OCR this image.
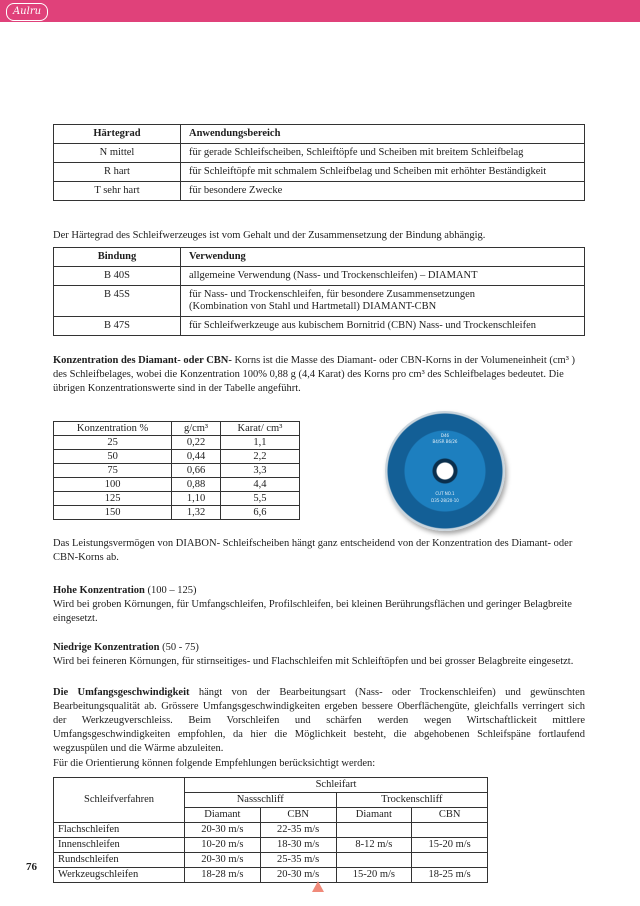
Aulru
Härtegrad	Anwendungsbereich
N mittel	für gerade Schleifscheiben, Schleiftöpfe und Scheiben mit breitem Schleifbelag
R hart	für Schleiftöpfe mit schmalem Schleifbelag und Scheiben mit erhöhter Beständigkeit
T sehr hart	für besondere Zwecke

Der Härtegrad des Schleifwerzeuges ist vom Gehalt und der Zusammensetzung der Bindung abhängig.

Bindung	Verwendung
B 40S	allgemeine Verwendung (Nass- und Trockenschleifen) – DIAMANT
B 45S	für Nass- und Trockenschleifen, für besondere Zusammensetzungen
(Kombination von Stahl und Hartmetall) DIAMANT-CBN
B 47S	für Schleifwerkzeuge aus kubischem Bornitrid (CBN) Nass- und Trockenschleifen

Konzentration des Diamant- oder CBN- Korns ist die Masse des Diamant- oder CBN-Korns in der Volumeneinheit (cm³ ) des Schleifbelages, wobei die Konzentration 100% 0,88 g (4,4 Karat) des Korns pro cm³ des Schleifbelages bedeutet. Die übrigen Konzentrationswerte sind in der Tabelle angeführt.

Konzentration %	g/cm³	Karat/ cm³
25	0,22	1,1
50	0,44	2,2
75	0,66	3,3
100	0,88	4,4
125	1,10	5,5
150	1,32	6,6
D46
B4/SR B6/26
CUT NO.1
D35-28/20-10

Das Leistungsvermögen von DIABON- Schleifscheiben hängt ganz entscheidend von der Konzentration des Diamant- oder CBN-Korns ab.

Hohe Konzentration (100 – 125)
Wird bei groben Körnungen, für Umfangschleifen, Profilschleifen, bei kleinen Berührungsflächen und geringer Belagbreite eingesetzt.

Niedrige Konzentration (50 - 75)
Wird bei feineren Körnungen, für stirnseitiges- und Flachschleifen mit Schleiftöpfen und bei grosser Belagbreite eingesetzt.

Die Umfangsgeschwindigkeit hängt von der Bearbeitungsart (Nass- oder Trockenschleifen) und gewünschten Bearbeitungsqualität ab. Grössere Umfangsgeschwindigkeiten ergeben bessere Oberflächengüte, gleichfalls verringert sich der Werkzeugverschleiss. Beim Vorschleifen und schärfen werden wegen Wirtschaftlickeit mittlere Umfangsgeschwindigkeiten empfohlen, da hier die Möglichkeit besteht, die abgehobenen Schleifspäne fortlaufend wegzuspülen und die Wärme abzuleiten.

Für die Orientierung können folgende Empfehlungen berücksichtigt werden:

Schleifverfahren	Schleifart			
	Nassschliff		Trockenschliff	
	Diamant	CBN	Diamant	CBN
Flachschleifen	20-30 m/s	22-35 m/s		
Innenschleifen	10-20 m/s	18-30 m/s	8-12 m/s	15-20 m/s
Rundschleifen	20-30 m/s	25-35 m/s		
Werkzeugschleifen	18-28 m/s	20-30 m/s	15-20 m/s	18-25 m/s
76
